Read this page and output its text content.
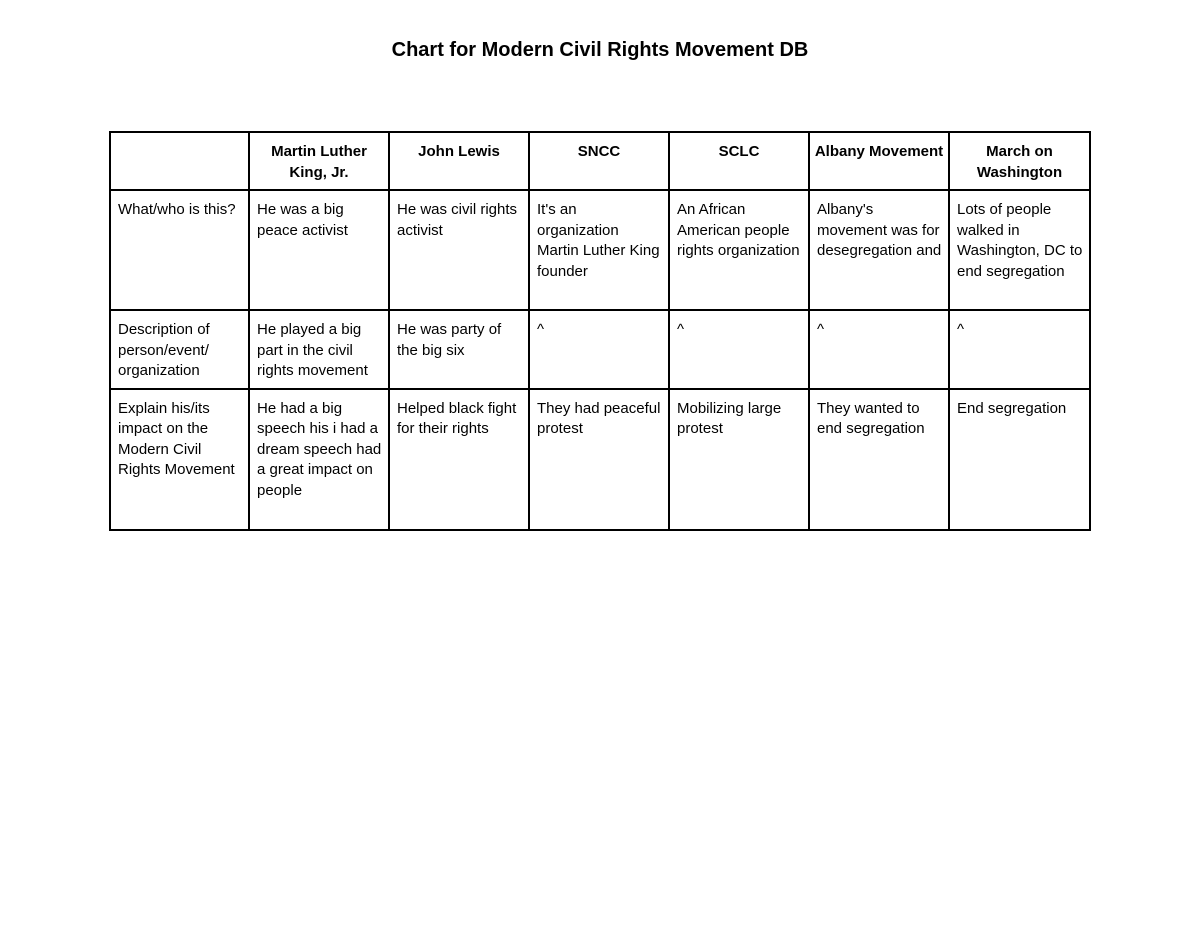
Chart for Modern Civil Rights Movement DB
	Martin Luther King, Jr.	John Lewis	SNCC	SCLC	Albany Movement	March on Washington
What/who is this?	He was a big peace activist	He was civil rights activist	It's an organization Martin Luther King founder	An African American people rights organization	Albany's movement was for desegregation and	Lots of people walked in Washington, DC to end segregation
Description of person/event/ organization	He played a big part in the civil rights movement	He was party of the big six	^	^	^	^
Explain his/its impact on the Modern Civil Rights Movement	He had a big speech his i had a dream speech had a great impact on people	Helped black fight for their rights	They had peaceful protest	Mobilizing large protest	They wanted to end segregation	End segregation
